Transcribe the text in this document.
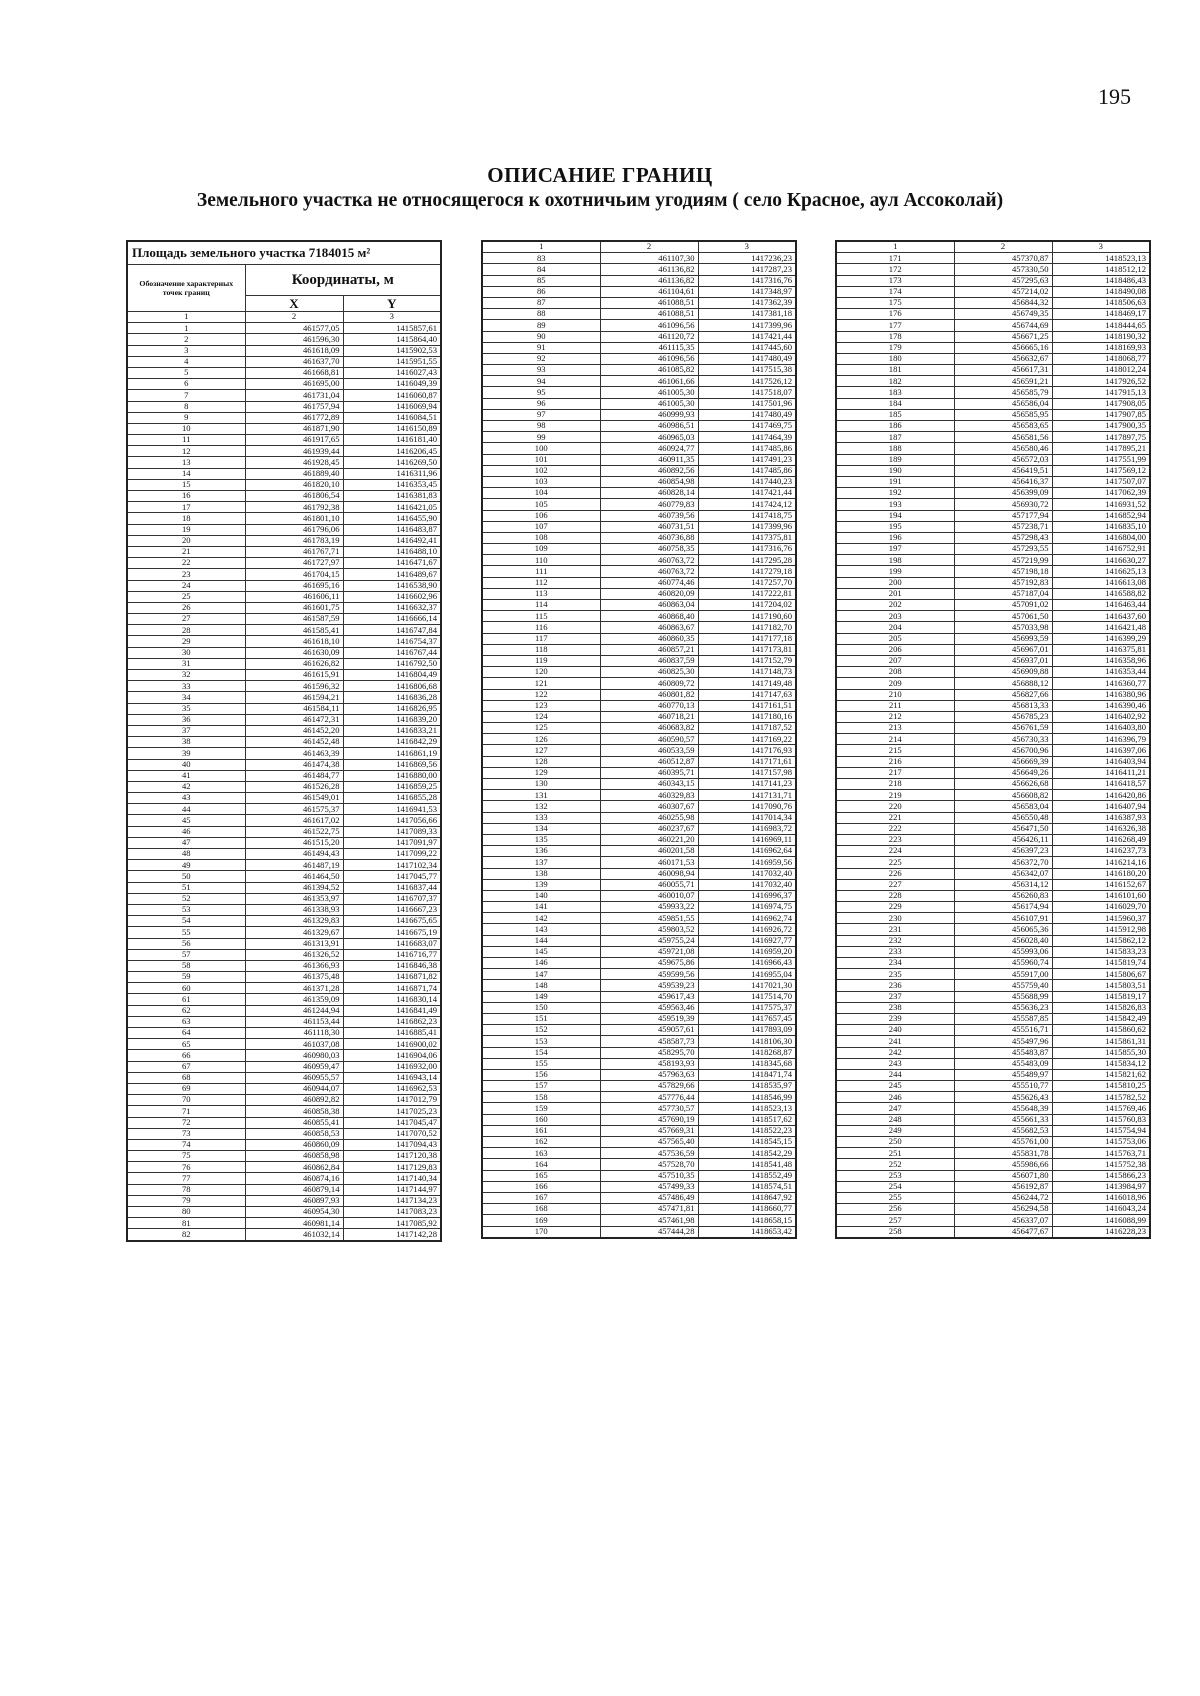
195
ОПИСАНИЕ ГРАНИЦ
Земельного участка не относящегося к охотничьим угодиям ( село Красное, аул Ассоколай)
Площадь земельного участка 7184015 м²		
Обозначение характерных точек границ	Координаты, м	
	X	Y
1	2	3
1	461577,05	1415857,61
2	461596,30	1415864,40
3	461618,09	1415902,53
4	461637,70	1415951,55
5	461668,81	1416027,43
6	461695,00	1416049,39
7	461731,04	1416060,87
8	461757,94	1416069,94
9	461772,89	1416084,51
10	461871,90	1416150,89
11	461917,65	1416181,40
12	461939,44	1416206,45
13	461928,45	1416269,50
14	461889,40	1416311,96
15	461820,10	1416353,45
16	461806,54	1416381,83
17	461792,38	1416421,05
18	461801,10	1416455,90
19	461796,06	1416483,87
20	461783,19	1416492,41
21	461767,71	1416488,10
22	461727,97	1416471,67
23	461704,15	1416489,67
24	461695,16	1416538,90
25	461606,11	1416602,96
26	461601,75	1416632,37
27	461587,59	1416666,14
28	461585,41	1416747,84
29	461618,10	1416754,37
30	461630,09	1416767,44
31	461626,82	1416792,50
32	461615,91	1416804,49
33	461596,32	1416806,68
34	461594,21	1416836,28
35	461584,11	1416826,95
36	461472,31	1416839,20
37	461452,20	1416833,21
38	461452,48	1416842,29
39	461463,39	1416861,19
40	461474,38	1416869,56
41	461484,77	1416880,00
42	461526,28	1416859,25
43	461549,01	1416855,28
44	461575,37	1416941,53
45	461617,02	1417056,66
46	461522,75	1417089,33
47	461515,20	1417091,97
48	461494,43	1417099,22
49	461487,19	1417102,34
50	461464,50	1417045,77
51	461394,52	1416837,44
52	461353,97	1416707,37
53	461338,93	1416667,23
54	461329,83	1416675,65
55	461329,67	1416675,19
56	461313,91	1416683,07
57	461326,52	1416716,77
58	461366,93	1416846,38
59	461375,48	1416871,82
60	461371,28	1416871,74
61	461359,09	1416830,14
62	461244,94	1416841,49
63	461153,44	1416862,23
64	461118,30	1416885,41
65	461037,08	1416900,02
66	460980,03	1416904,06
67	460959,47	1416932,00
68	460955,57	1416943,14
69	460944,07	1416962,53
70	460892,82	1417012,79
71	460858,38	1417025,23
72	460855,41	1417045,47
73	460858,53	1417070,52
74	460860,09	1417094,43
75	460858,98	1417120,38
76	460862,84	1417129,83
77	460874,16	1417140,34
78	460879,14	1417144,97
79	460897,93	1417134,23
80	460954,30	1417083,23
81	460981,14	1417085,92
82	461032,14	1417142,28
1	2	3
83	461107,30	1417236,23
84	461136,82	1417287,23
85	461136,82	1417316,76
86	461104,61	1417348,97
87	461088,51	1417362,39
88	461088,51	1417381,18
89	461096,56	1417399,96
90	461120,72	1417421,44
91	461115,35	1417445,60
92	461096,56	1417480,49
93	461085,82	1417515,38
94	461061,66	1417526,12
95	461005,30	1417518,07
96	461005,30	1417501,96
97	460999,93	1417480,49
98	460986,51	1417469,75
99	460965,03	1417464,39
100	460924,77	1417485,86
101	460911,35	1417491,23
102	460892,56	1417485,86
103	460854,98	1417440,23
104	460828,14	1417421,44
105	460779,83	1417424,12
106	460739,56	1417418,75
107	460731,51	1417399,96
108	460736,88	1417375,81
109	460758,35	1417316,76
110	460763,72	1417295,28
111	460763,72	1417279,18
112	460774,46	1417257,70
113	460820,09	1417222,81
114	460863,04	1417204,02
115	460868,40	1417190,60
116	460863,67	1417182,70
117	460860,35	1417177,18
118	460857,21	1417173,81
119	460837,59	1417152,79
120	460825,30	1417148,73
121	460809,72	1417149,48
122	460801,82	1417147,63
123	460770,13	1417161,51
124	460718,21	1417180,16
125	460683,82	1417187,52
126	460590,57	1417169,22
127	460533,59	1417176,93
128	460512,87	1417171,61
129	460395,71	1417157,98
130	460343,15	1417141,23
131	460329,83	1417131,71
132	460307,67	1417090,76
133	460255,98	1417014,34
134	460237,67	1416983,72
135	460221,20	1416969,11
136	460201,58	1416962,64
137	460171,53	1416959,56
138	460098,94	1417032,40
139	460055,71	1417032,40
140	460010,07	1416996,37
141	459933,22	1416974,75
142	459851,55	1416962,74
143	459803,52	1416926,72
144	459755,24	1416927,77
145	459721,08	1416959,20
146	459675,86	1416966,43
147	459599,56	1416955,04
148	459539,23	1417021,30
149	459617,43	1417514,70
150	459563,46	1417575,37
151	459519,39	1417657,45
152	459057,61	1417893,09
153	458587,73	1418106,30
154	458295,70	1418268,87
155	458193,93	1418345,68
156	457963,63	1418471,74
157	457829,66	1418535,97
158	457776,44	1418546,99
159	457730,57	1418523,13
160	457690,19	1418517,62
161	457669,31	1418522,23
162	457565,40	1418545,15
163	457536,59	1418542,29
164	457528,70	1418541,48
165	457510,35	1418552,49
166	457499,33	1418574,51
167	457486,49	1418647,92
168	457471,81	1418660,77
169	457461,98	1418658,15
170	457444,28	1418653,42
1	2	3
171	457370,87	1418523,13
172	457330,50	1418512,12
173	457295,63	1418486,43
174	457214,02	1418490,08
175	456844,32	1418506,63
176	456749,35	1418469,17
177	456744,69	1418444,65
178	456671,25	1418190,32
179	456665,16	1418169,93
180	456632,67	1418068,77
181	456617,31	1418012,24
182	456591,21	1417926,52
183	456585,79	1417915,13
184	456586,04	1417908,05
185	456585,95	1417907,85
186	456583,65	1417900,35
187	456581,56	1417897,75
188	456580,46	1417895,21
189	456572,03	1417551,99
190	456419,51	1417569,12
191	456416,37	1417507,07
192	456399,09	1417062,39
193	456930,72	1416931,52
194	457177,94	1416852,94
195	457238,71	1416835,10
196	457298,43	1416804,00
197	457293,55	1416752,91
198	457219,99	1416630,27
199	457198,18	1416625,13
200	457192,83	1416613,08
201	457187,04	1416588,82
202	457091,02	1416463,44
203	457061,50	1416437,60
204	457033,98	1416421,48
205	456993,59	1416399,29
206	456967,01	1416375,81
207	456937,01	1416358,96
208	456909,88	1416353,44
209	456888,12	1416360,77
210	456827,66	1416380,96
211	456813,33	1416390,46
212	456785,23	1416402,92
213	456761,59	1416403,80
214	456730,33	1416396,79
215	456700,96	1416397,06
216	456669,39	1416403,94
217	456649,26	1416411,21
218	456626,68	1416418,57
219	456608,82	1416420,86
220	456583,04	1416407,94
221	456550,48	1416387,93
222	456471,50	1416326,38
223	456426,11	1416268,49
224	456397,23	1416237,73
225	456372,70	1416214,16
226	456342,07	1416180,20
227	456314,12	1416152,67
228	456260,83	1416101,60
229	456174,94	1416029,70
230	456107,91	1415960,37
231	456065,36	1415912,98
232	456028,40	1415862,12
233	455993,06	1415833,23
234	455960,74	1415819,74
235	455917,00	1415806,67
236	455759,40	1415803,51
237	455688,99	1415819,17
238	455636,23	1415826,83
239	455587,85	1415842,49
240	455516,71	1415860,62
241	455497,96	1415861,31
242	455483,87	1415855,30
243	455483,09	1415834,12
244	455489,97	1415821,62
245	455510,77	1415810,25
246	455626,43	1415782,52
247	455648,39	1415769,46
248	455661,33	1415760,83
249	455682,53	1415754,94
250	455761,00	1415753,06
251	455831,78	1415763,71
252	455986,66	1415752,38
253	456071,80	1415866,23
254	456192,87	1413984,97
255	456244,72	1416018,96
256	456294,58	1416043,24
257	456337,07	1416088,99
258	456477,67	1416228,23
